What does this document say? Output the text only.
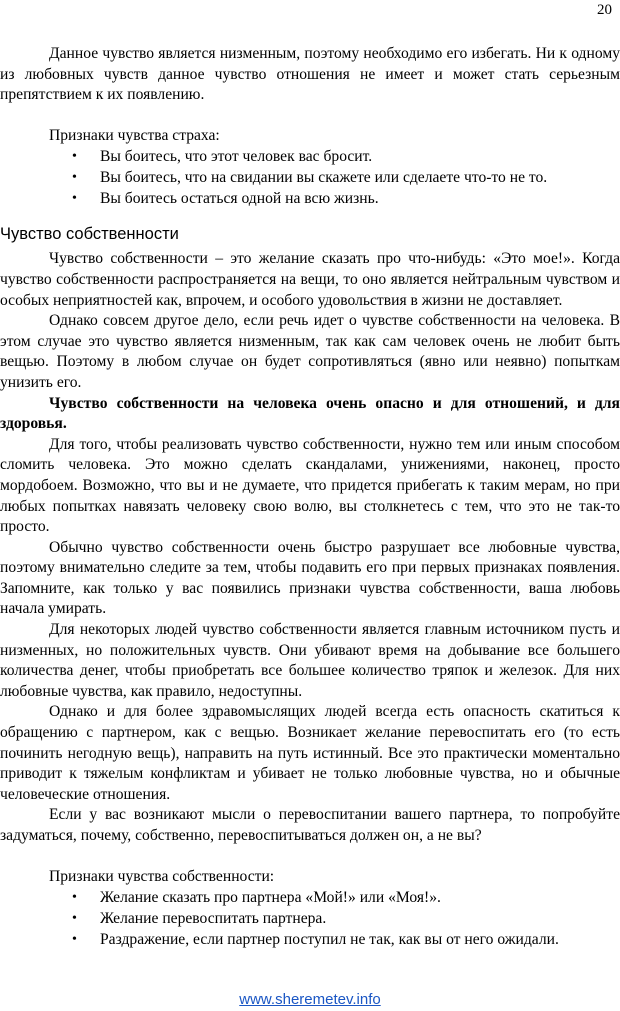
20

Данное чувство является низменным, поэтому необходимо его избегать. Ни к одному из любовных чувств данное чувство отношения не имеет и может стать серьезным препятствием к их появлению.

Признаки чувства страха:

• Вы боитесь, что этот человек вас бросит.
• Вы боитесь, что на свидании вы скажете или сделаете что-то не то.
• Вы боитесь остаться одной на всю жизнь.
Чувство собственности

Чувство собственности – это желание сказать про что-нибудь: «Это мое!». Когда чувство собственности распространяется на вещи, то оно является нейтральным чувством и особых неприятностей как, впрочем, и особого удовольствия в жизни не доставляет.

Однако совсем другое дело, если речь идет о чувстве собственности на человека. В этом случае это чувство является низменным, так как сам человек очень не любит быть вещью. Поэтому в любом случае он будет сопротивляться (явно или неявно) попыткам унизить его.

Чувство собственности на человека очень опасно и для отношений, и для здоровья.

Для того, чтобы реализовать чувство собственности, нужно тем или иным способом сломить человека. Это можно сделать скандалами, унижениями, наконец, просто мордобоем. Возможно, что вы и не думаете, что придется прибегать к таким мерам, но при любых попытках навязать человеку свою волю, вы столкнетесь с тем, что это не так-то просто.

Обычно чувство собственности очень быстро разрушает все любовные чувства, поэтому внимательно следите за тем, чтобы подавить его при первых признаках появления. Запомните, как только у вас появились признаки чувства собственности, ваша любовь начала умирать.

Для некоторых людей чувство собственности является главным источником пусть и низменных, но положительных чувств. Они убивают время на добывание все большего количества денег, чтобы приобретать все большее количество тряпок и железок. Для них любовные чувства, как правило, недоступны.

Однако и для более здравомыслящих людей всегда есть опасность скатиться к обращению с партнером, как с вещью. Возникает желание перевоспитать его (то есть починить негодную вещь), направить на путь истинный. Все это практически моментально приводит к тяжелым конфликтам и убивает не только любовные чувства, но и обычные человеческие отношения.

Если у вас возникают мысли о перевоспитании вашего партнера, то попробуйте задуматься, почему, собственно, перевоспитываться должен он, а не вы?

Признаки чувства собственности:

• Желание сказать про партнера «Мой!» или «Моя!».
• Желание перевоспитать партнера.
• Раздражение, если партнер поступил не так, как вы от него ожидали.
www.sheremetev.info
